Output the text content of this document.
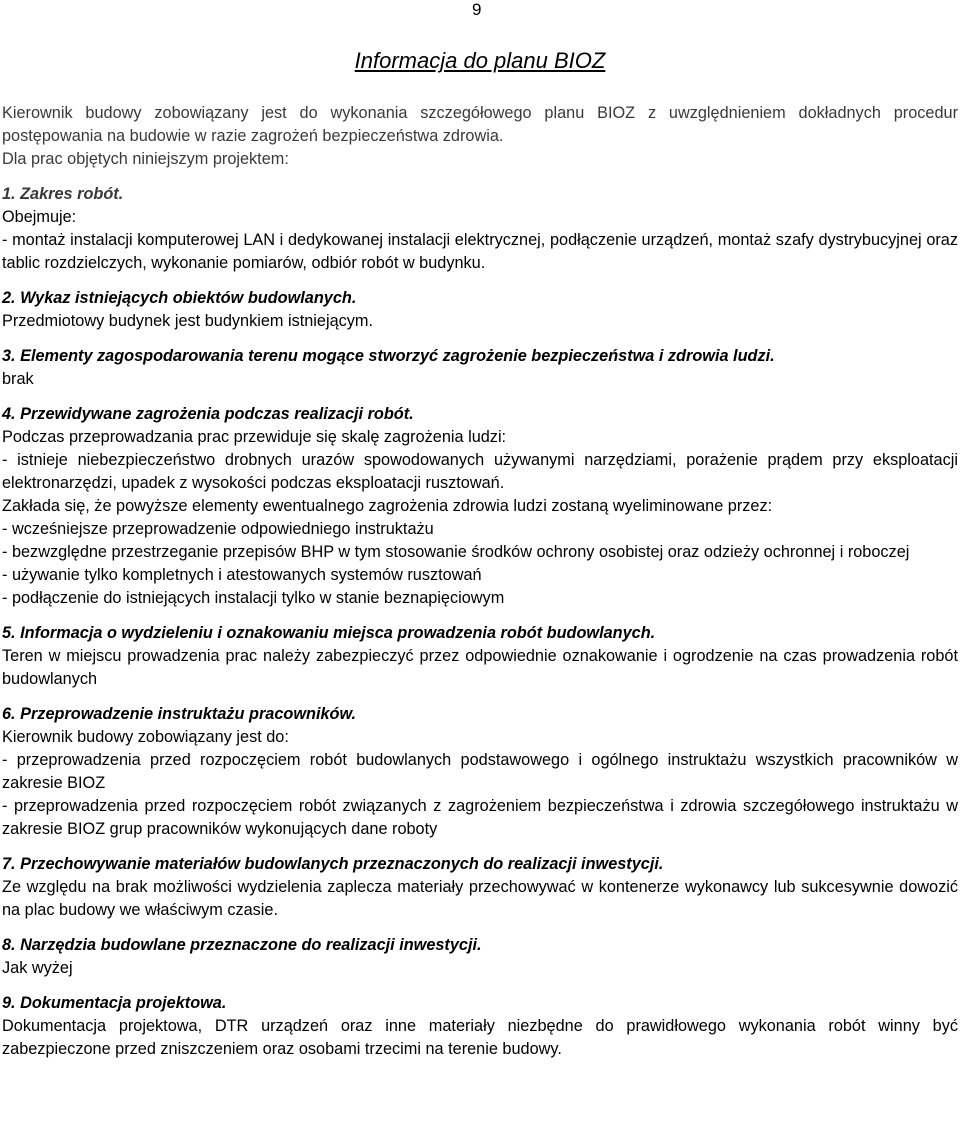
9
Informacja do planu BIOZ

Kierownik budowy zobowiązany jest do wykonania szczegółowego planu BIOZ z uwzględnieniem dokładnych procedur postępowania na budowie w razie zagrożeń bezpieczeństwa zdrowia.

Dla prac objętych niniejszym projektem:

1. Zakres robót.

Obejmuje:

- montaż instalacji komputerowej LAN i dedykowanej instalacji elektrycznej, podłączenie urządzeń, montaż szafy dystrybucyjnej oraz tablic rozdzielczych, wykonanie pomiarów, odbiór robót w budynku.

2. Wykaz istniejących obiektów budowlanych.

Przedmiotowy budynek jest budynkiem istniejącym.

3. Elementy zagospodarowania terenu mogące stworzyć zagrożenie bezpieczeństwa i zdrowia ludzi.

brak

4. Przewidywane zagrożenia podczas realizacji robót.

Podczas przeprowadzania prac przewiduje się skalę zagrożenia ludzi:

- istnieje niebezpieczeństwo drobnych urazów spowodowanych używanymi narzędziami, porażenie prądem przy eksploatacji elektronarzędzi, upadek z wysokości podczas eksploatacji rusztowań.

Zakłada się, że powyższe elementy ewentualnego zagrożenia zdrowia ludzi zostaną wyeliminowane przez:

- wcześniejsze przeprowadzenie odpowiedniego instruktażu

- bezwzględne przestrzeganie przepisów BHP w tym stosowanie środków ochrony osobistej oraz odzieży ochronnej i roboczej

- używanie tylko kompletnych i atestowanych systemów rusztowań

- podłączenie do istniejących instalacji tylko w stanie beznapięciowym

5. Informacja o wydzieleniu i oznakowaniu miejsca prowadzenia robót budowlanych.

Teren w miejscu prowadzenia prac należy zabezpieczyć przez odpowiednie oznakowanie i ogrodzenie na czas prowadzenia robót budowlanych

6. Przeprowadzenie instruktażu pracowników.

Kierownik budowy zobowiązany jest do:

- przeprowadzenia przed rozpoczęciem robót budowlanych podstawowego i ogólnego instruktażu wszystkich pracowników w zakresie BIOZ

- przeprowadzenia przed rozpoczęciem robót związanych z zagrożeniem bezpieczeństwa i zdrowia szczegółowego instruktażu w zakresie BIOZ grup pracowników wykonujących dane roboty

7. Przechowywanie materiałów budowlanych przeznaczonych do realizacji inwestycji.

Ze względu na brak możliwości wydzielenia zaplecza materiały przechowywać w kontenerze wykonawcy lub sukcesywnie dowozić na plac budowy we właściwym czasie.

8. Narzędzia budowlane przeznaczone do realizacji inwestycji.

Jak wyżej

9. Dokumentacja projektowa.

Dokumentacja projektowa, DTR urządzeń oraz inne materiały niezbędne do prawidłowego wykonania robót winny być zabezpieczone przed zniszczeniem oraz osobami trzecimi na terenie budowy.
